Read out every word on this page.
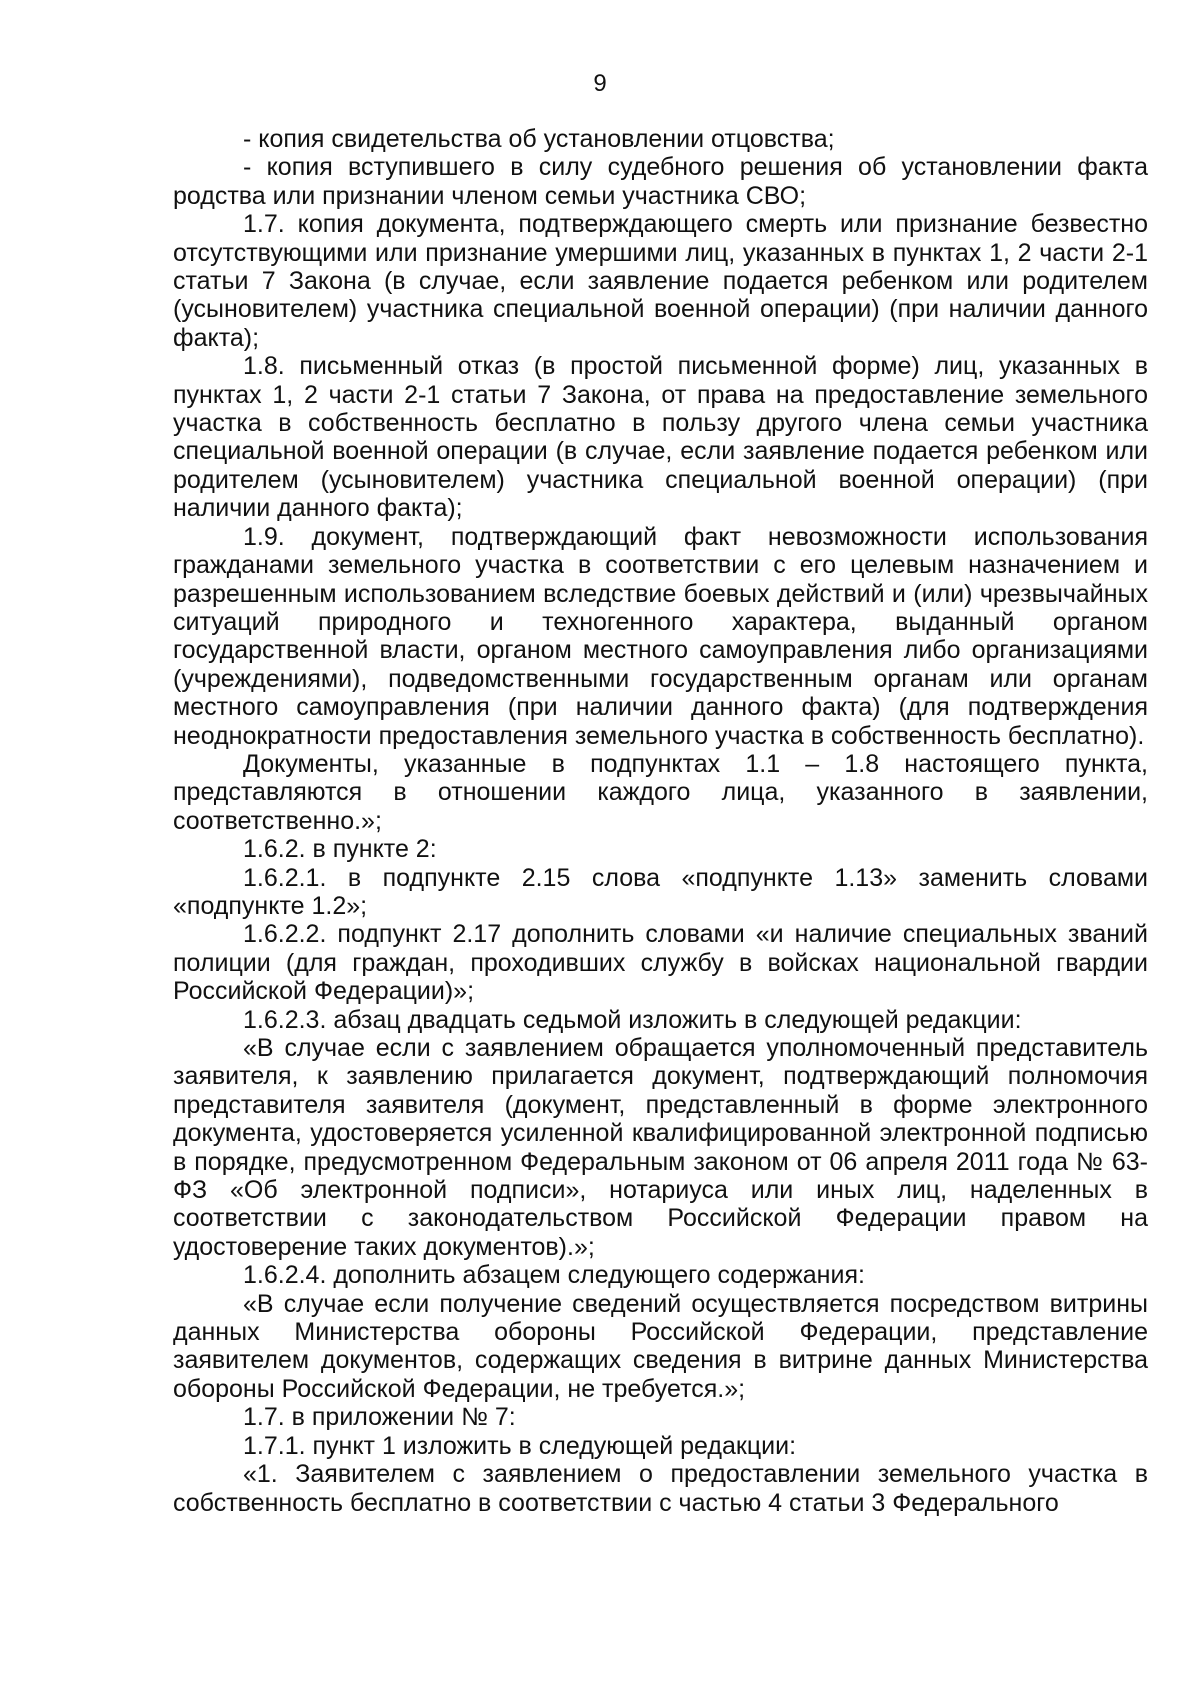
9

- копия свидетельства об установлении отцовства;

- копия вступившего в силу судебного решения об установлении факта родства или признании членом семьи участника СВО;

1.7. копия документа, подтверждающего смерть или признание безвестно отсутствующими или признание умершими лиц, указанных в пунктах 1, 2 части 2-1 статьи 7 Закона (в случае, если заявление подается ребенком или родителем (усыновителем) участника специальной военной операции) (при наличии данного факта);

1.8. письменный отказ (в простой письменной форме) лиц, указанных в пунктах 1, 2 части 2-1 статьи 7 Закона, от права на предоставление земельного участка в собственность бесплатно в пользу другого члена семьи участника специальной военной операции (в случае, если заявление подается ребенком или родителем (усыновителем) участника специальной военной операции) (при наличии данного факта);

1.9. документ, подтверждающий факт невозможности использования гражданами земельного участка в соответствии с его целевым назначением и разрешенным использованием вследствие боевых действий и (или) чрезвычайных ситуаций природного и техногенного характера, выданный органом государственной власти, органом местного самоуправления либо организациями (учреждениями), подведомственными государственным органам или органам местного самоуправления (при наличии данного факта) (для подтверждения неоднократности предоставления земельного участка в собственность бесплатно).

Документы, указанные в подпунктах 1.1 – 1.8 настоящего пункта, представляются в отношении каждого лица, указанного в заявлении, соответственно.»;

1.6.2. в пункте 2:

1.6.2.1. в подпункте 2.15 слова «подпункте 1.13» заменить словами «подпункте 1.2»;

1.6.2.2. подпункт 2.17 дополнить словами «и наличие специальных званий полиции (для граждан, проходивших службу в войсках национальной гвардии Российской Федерации)»;

1.6.2.3. абзац двадцать седьмой изложить в следующей редакции:

«В случае если с заявлением обращается уполномоченный представитель заявителя, к заявлению прилагается документ, подтверждающий полномочия представителя заявителя (документ, представленный в форме электронного документа, удостоверяется усиленной квалифицированной электронной подписью в порядке, предусмотренном Федеральным законом от 06 апреля 2011 года № 63-ФЗ «Об электронной подписи», нотариуса или иных лиц, наделенных в соответствии с законодательством Российской Федерации правом на удостоверение таких документов).»;

1.6.2.4. дополнить абзацем следующего содержания:

«В случае если получение сведений осуществляется посредством витрины данных Министерства обороны Российской Федерации, представление заявителем документов, содержащих сведения в витрине данных Министерства обороны Российской Федерации, не требуется.»;

1.7. в приложении № 7:

1.7.1. пункт 1 изложить в следующей редакции:

«1. Заявителем с заявлением о предоставлении земельного участка в собственность бесплатно в соответствии с частью 4 статьи 3 Федерального
